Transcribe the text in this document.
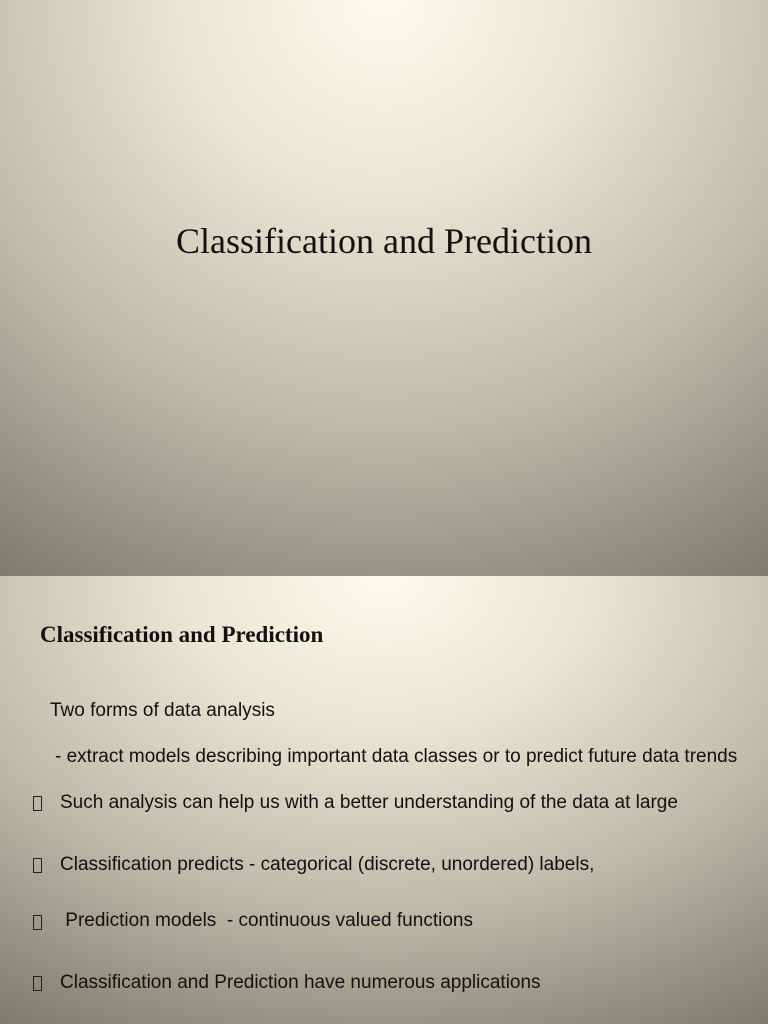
Classification and Prediction
Classification and Prediction
Two forms of data analysis
- extract models describing important data classes or to predict future data trends
Such analysis can help us with a better understanding of the data at large
Classification predicts - categorical (discrete, unordered) labels,
Prediction models  - continuous valued functions
Classification and Prediction have numerous applications
